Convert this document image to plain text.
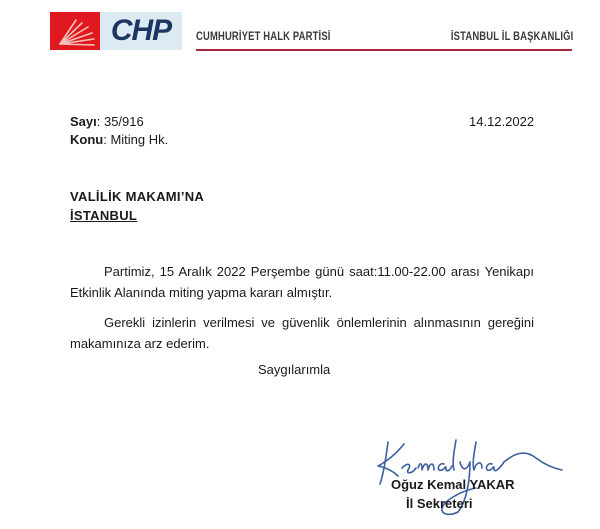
CHP CUMHURİYET HALK PARTİSİ	İSTANBUL İL BAŞKANLIĞI
Sayı: 35/916
Konu: Miting Hk.
14.12.2022
VALİLİK MAKAMI’NA
İSTANBUL
Partimiz, 15 Aralık 2022 Perşembe günü saat:11.00-22.00 arası Yenikapı Etkinlik Alanında miting yapma kararı almıştır.
Gerekli izinlerin verilmesi ve güvenlik önlemlerinin alınmasının gereğini makamınıza arz ederim.
Saygılarımla
Oğuz Kemal YAKAR
İl Sekreteri
